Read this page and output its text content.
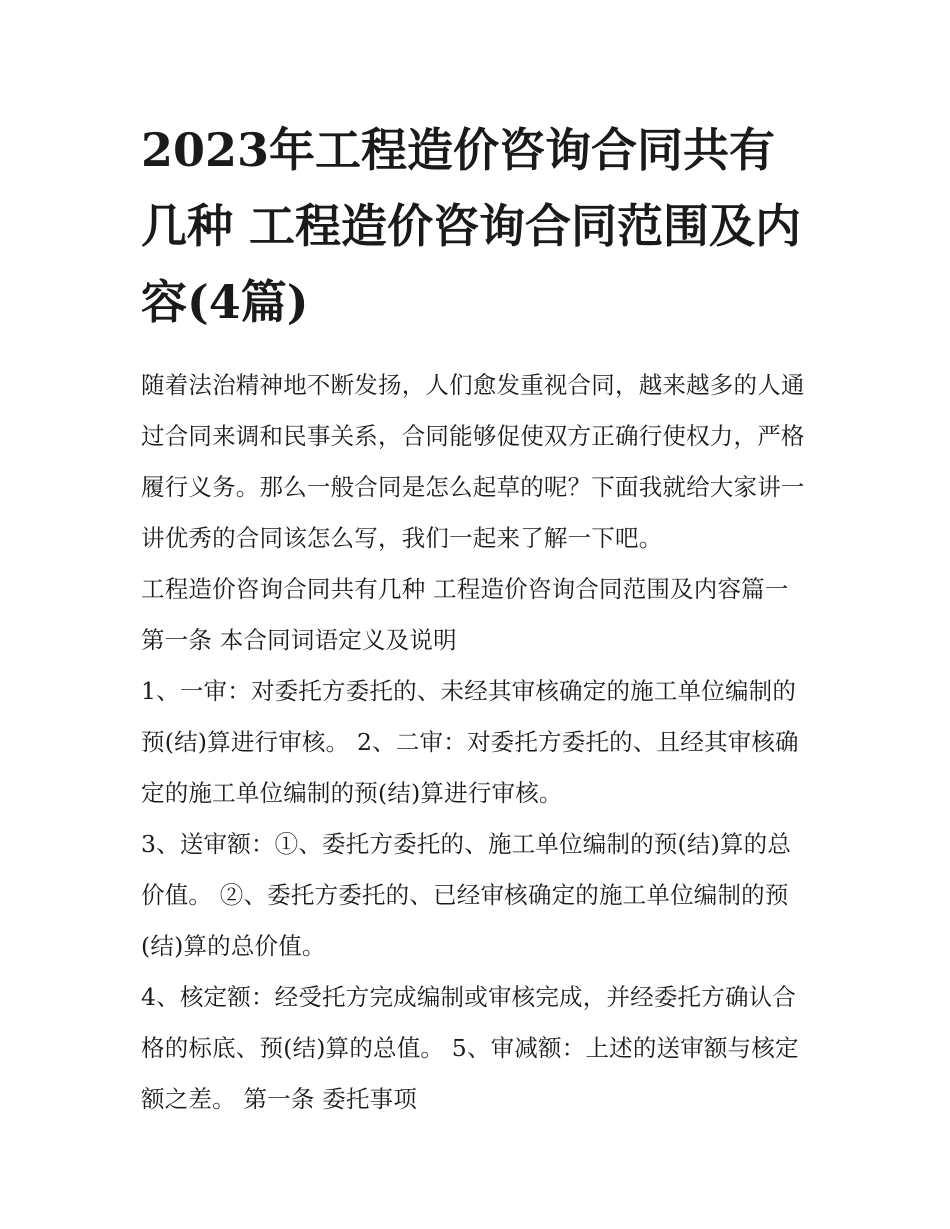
2023年工程造价咨询合同共有几种 工程造价咨询合同范围及内容(4篇)

随着法治精神地不断发扬，人们愈发重视合同，越来越多的人通过合同来调和民事关系，合同能够促使双方正确行使权力，严格履行义务。那么一般合同是怎么起草的呢？下面我就给大家讲一讲优秀的合同该怎么写，我们一起来了解一下吧。

工程造价咨询合同共有几种 工程造价咨询合同范围及内容篇一 第一条 本合同词语定义及说明

1、一审：对委托方委托的、未经其审核确定的施工单位编制的预(结)算进行审核。 2、二审：对委托方委托的、且经其审核确定的施工单位编制的预(结)算进行审核。

3、送审额：①、委托方委托的、施工单位编制的预(结)算的总价值。 ②、委托方委托的、已经审核确定的施工单位编制的预(结)算的总价值。

4、核定额：经受托方完成编制或审核完成，并经委托方确认合格的标底、预(结)算的总值。 5、审减额：上述的送审额与核定额之差。 第一条 委托事项
